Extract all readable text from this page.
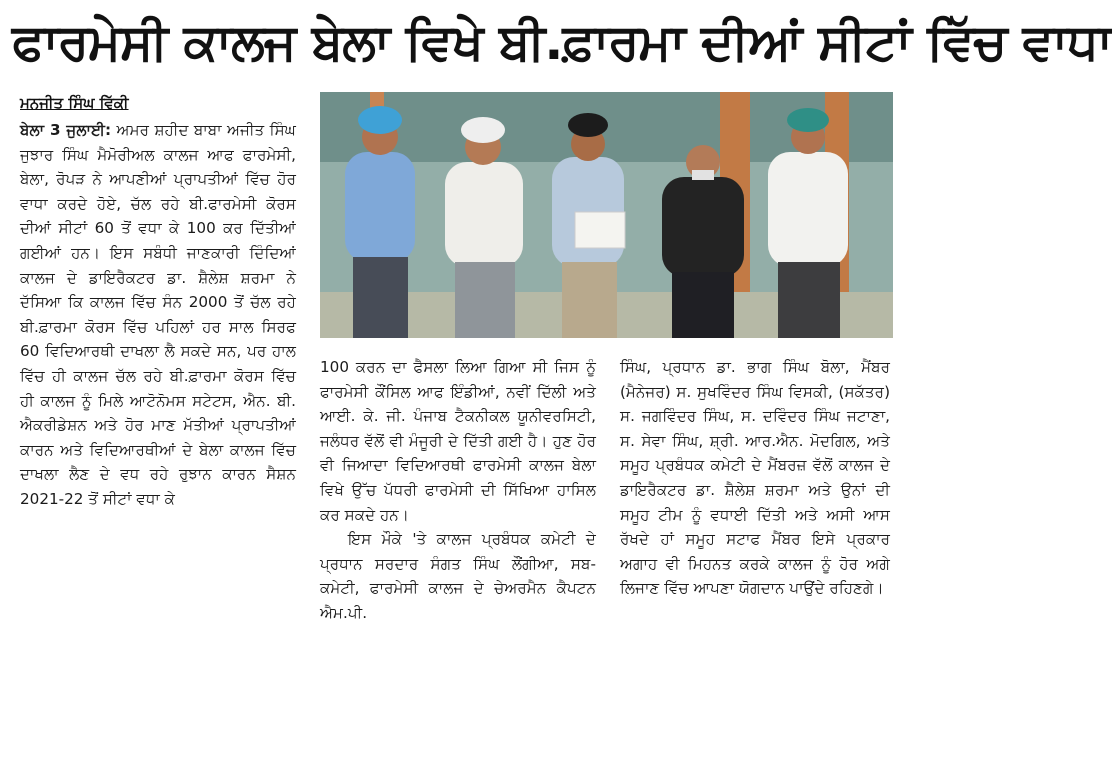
ਫਾਰਮੇਸੀ ਕਾਲਜ ਬੇਲਾ ਵਿਖੇ ਬੀ.ਫ਼ਾਰਮਾ ਦੀਆਂ ਸੀਟਾਂ ਵਿੱਚ ਵਾਧਾ
ਮਨਜੀਤ ਸਿੰਘ ਵਿੱਕੀ

ਬੇਲਾ 3 ਜੁਲਾਈ: ਅਮਰ ਸ਼ਹੀਦ ਬਾਬਾ ਅਜੀਤ ਸਿੰਘ ਜੁਝਾਰ ਸਿੰਘ ਮੈਮੋਰੀਅਲ ਕਾਲਜ ਆਫ ਫਾਰਮੇਸੀ, ਬੇਲਾ, ਰੋਪੜ ਨੇ ਆਪਣੀਆਂ ਪ੍ਰਾਪਤੀਆਂ ਵਿੱਚ ਹੋਰ ਵਾਧਾ ਕਰਦੇ ਹੋਏ, ਚੱਲ ਰਹੇ ਬੀ.ਫਾਰਮੇਸੀ ਕੋਰਸ ਦੀਆਂ ਸੀਟਾਂ 60 ਤੋਂ ਵਧਾ ਕੇ 100 ਕਰ ਦਿੱਤੀਆਂ ਗਈਆਂ ਹਨ। ਇਸ ਸਬੰਧੀ ਜਾਣਕਾਰੀ ਦਿੰਦਿਆਂ ਕਾਲਜ ਦੇ ਡਾਇਰੈਕਟਰ ਡਾ. ਸ਼ੈਲੇਸ਼ ਸ਼ਰਮਾ ਨੇ ਦੱਸਿਆ ਕਿ ਕਾਲਜ ਵਿੱਚ ਸੰਨ 2000 ਤੋਂ ਚੱਲ ਰਹੇ ਬੀ.ਫ਼ਾਰਮਾ ਕੋਰਸ ਵਿੱਚ ਪਹਿਲਾਂ ਹਰ ਸਾਲ ਸਿਰਫ 60 ਵਿਦਿਆਰਥੀ ਦਾਖਲਾ ਲੈ ਸਕਦੇ ਸਨ, ਪਰ ਹਾਲ ਵਿੱਚ ਹੀ ਕਾਲਜ ਚੱਲ ਰਹੇ ਬੀ.ਫ਼ਾਰਮਾ ਕੋਰਸ ਵਿੱਚ ਹੀ ਕਾਲਜ ਨੂੰ ਮਿਲੇ ਆਟੋਨੋਮਸ ਸਟੇਟਸ, ਐਨ. ਬੀ. ਐਕਰੀਡੇਸ਼ਨ ਅਤੇ ਹੋਰ ਮਾਣ ਮੱਤੀਆਂ ਪ੍ਰਾਪਤੀਆਂ ਕਾਰਨ ਅਤੇ ਵਿਦਿਆਰਥੀਆਂ ਦੇ ਬੇਲਾ ਕਾਲਜ ਵਿੱਚ ਦਾਖਲਾ ਲੈਣ ਦੇ ਵਧ ਰਹੇ ਰੁਝਾਨ ਕਾਰਨ ਸੈਸ਼ਨ 2021-22 ਤੋਂ ਸੀਟਾਂ ਵਧਾ ਕੇ

100 ਕਰਨ ਦਾ ਫੈਸਲਾ ਲਿਆ ਗਿਆ ਸੀ ਜਿਸ ਨੂੰ ਫਾਰਮੇਸੀ ਕੌਂਸਿਲ ਆਫ ਇੰਡੀਆਂ, ਨਵੀਂ ਦਿੱਲੀ ਅਤੇ ਆਈ. ਕੇ. ਜੀ. ਪੰਜਾਬ ਟੈਕਨੀਕਲ ਯੂਨੀਵਰਸਿਟੀ, ਜਲੰਧਰ ਵੱਲੋਂ ਵੀ ਮੰਜੂਰੀ ਦੇ ਦਿੱਤੀ ਗਈ ਹੈ। ਹੁਣ ਹੋਰ ਵੀ ਜਿਆਦਾ ਵਿਦਿਆਰਥੀ ਫਾਰਮੇਸੀ ਕਾਲਜ ਬੇਲਾ ਵਿਖੇ ਉੱਚ ਪੱਧਰੀ ਫਾਰਮੇਸੀ ਦੀ ਸਿੱਖਿਆ ਹਾਸਿਲ ਕਰ ਸਕਦੇ ਹਨ।

ਇਸ ਮੌਕੇ 'ਤੇ ਕਾਲਜ ਪ੍ਰਬੰਧਕ ਕਮੇਟੀ ਦੇ ਪ੍ਰਧਾਨ ਸਰਦਾਰ ਸੰਗਤ ਸਿੰਘ ਲੌਂਗੀਆ, ਸਬ- ਕਮੇਟੀ, ਫਾਰਮੇਸੀ ਕਾਲਜ ਦੇ ਚੇਅਰਮੈਨ ਕੈਪਟਨ ਐਮ.ਪੀ.

ਸਿੰਘ, ਪ੍ਰਧਾਨ ਡਾ. ਭਾਗ ਸਿੰਘ ਬੋਲਾ, ਮੈਂਬਰ (ਮੈਨੇਜਰ) ਸ. ਸੁਖਵਿੰਦਰ ਸਿੰਘ ਵਿਸਕੀ, (ਸਕੱਤਰ) ਸ. ਜਗਵਿੰਦਰ ਸਿੰਘ, ਸ. ਦਵਿੰਦਰ ਸਿੰਘ ਜਟਾਣਾ, ਸ. ਸੇਵਾ ਸਿੰਘ, ਸ਼੍ਰੀ. ਆਰ.ਐਨ. ਮੋਦਗਿਲ, ਅਤੇ ਸਮੂਹ ਪ੍ਰਬੰਧਕ ਕਮੇਟੀ ਦੇ ਮੈਂਬਰਜ਼ ਵੱਲੋਂ ਕਾਲਜ ਦੇ ਡਾਇਰੈਕਟਰ ਡਾ. ਸ਼ੈਲੇਸ਼ ਸ਼ਰਮਾ ਅਤੇ ਉਨਾਂ ਦੀ ਸਮੂਹ ਟੀਮ ਨੂੰ ਵਧਾਈ ਦਿੱਤੀ ਅਤੇ ਅਸੀ ਆਸ ਰੱਖਦੇ ਹਾਂ ਸਮੂਹ ਸਟਾਫ ਮੈਂਬਰ ਇਸੇ ਪ੍ਰਕਾਰ ਅਗਾਹ ਵੀ ਮਿਹਨਤ ਕਰਕੇ ਕਾਲਜ ਨੂੰ ਹੋਰ ਅਗੇ ਲਿਜਾਣ ਵਿੱਚ ਆਪਣਾ ਯੋਗਦਾਨ ਪਾਉਂਦੇ ਰਹਿਣਗੇ।
